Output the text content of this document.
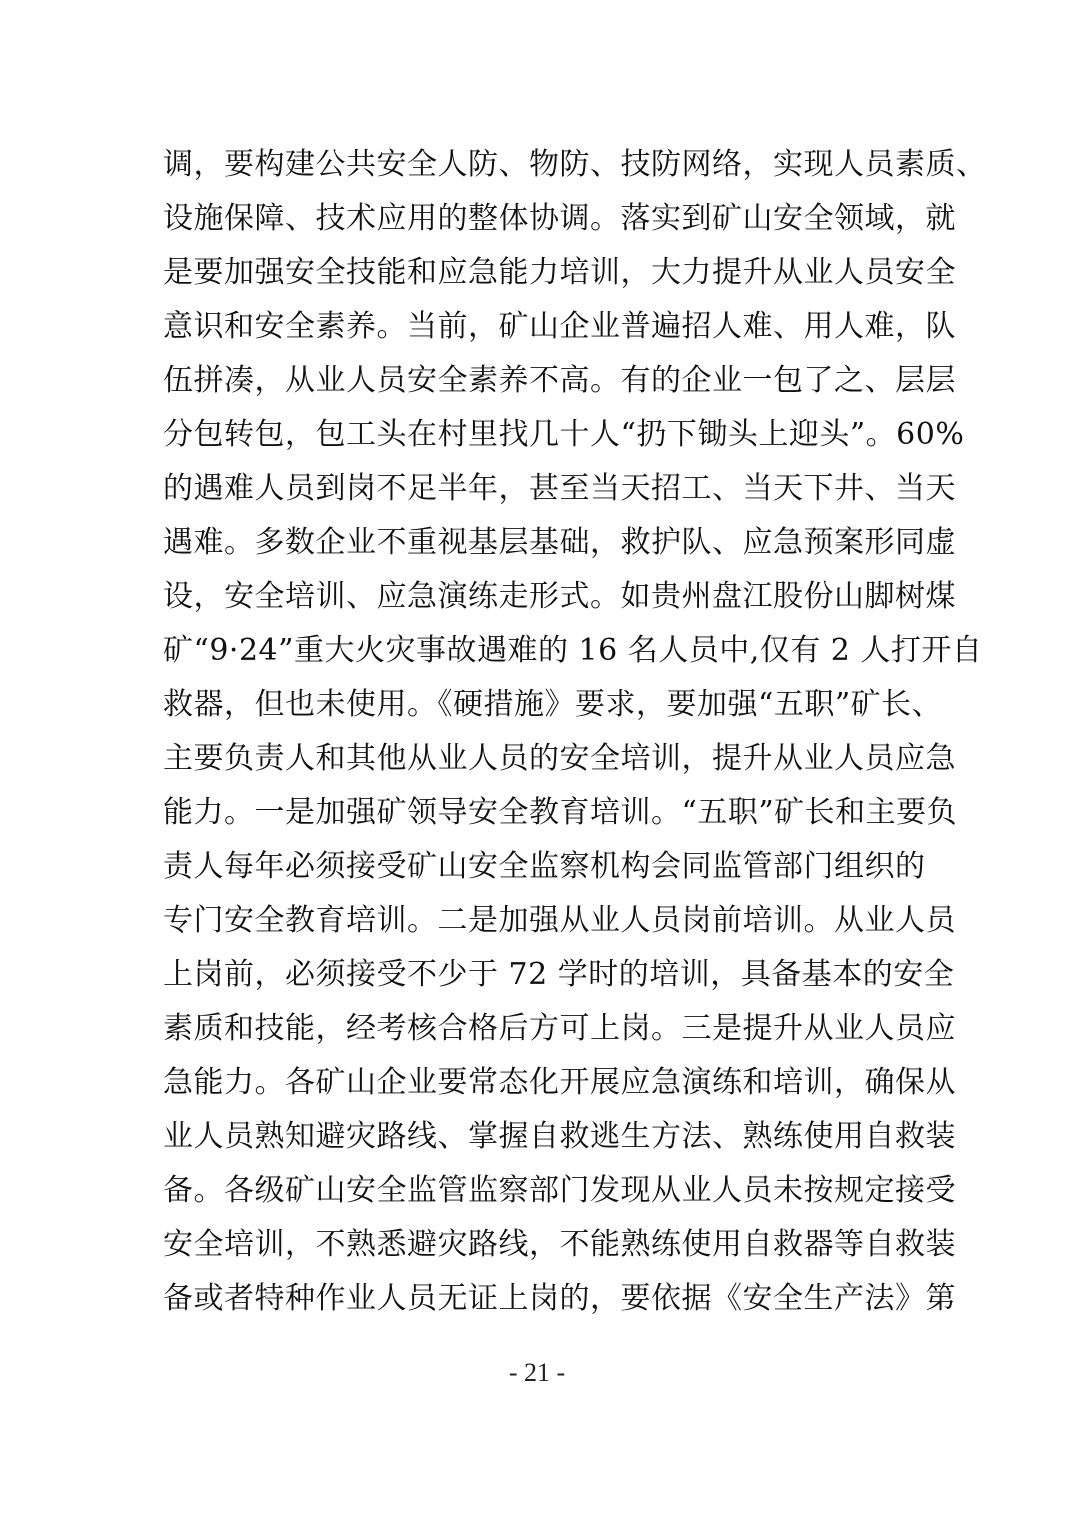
调，要构建公共安全人防、物防、技防网络，实现人员素质、
设施保障、技术应用的整体协调。落实到矿山安全领域，就
是要加强安全技能和应急能力培训，大力提升从业人员安全
意识和安全素养。当前，矿山企业普遍招人难、用人难，队
伍拼凑，从业人员安全素养不高。有的企业一包了之、层层
分包转包，包工头在村里找几十人“扔下锄头上迎头”。60%
的遇难人员到岗不足半年，甚至当天招工、当天下井、当天
遇难。多数企业不重视基层基础，救护队、应急预案形同虚
设，安全培训、应急演练走形式。如贵州盘江股份山脚树煤
矿“9·24”重大火灾事故遇难的 16 名人员中,仅有 2 人打开自
救器，但也未使用。《硬措施》要求，要加强“五职”矿长、
主要负责人和其他从业人员的安全培训，提升从业人员应急
能力。一是加强矿领导安全教育培训。“五职”矿长和主要负
责人每年必须接受矿山安全监察机构会同监管部门组织的
专门安全教育培训。二是加强从业人员岗前培训。从业人员
上岗前，必须接受不少于 72 学时的培训，具备基本的安全
素质和技能，经考核合格后方可上岗。三是提升从业人员应
急能力。各矿山企业要常态化开展应急演练和培训，确保从
业人员熟知避灾路线、掌握自救逃生方法、熟练使用自救装
备。各级矿山安全监管监察部门发现从业人员未按规定接受
安全培训，不熟悉避灾路线，不能熟练使用自救器等自救装
备或者特种作业人员无证上岗的，要依据《安全生产法》第
- 21 -
